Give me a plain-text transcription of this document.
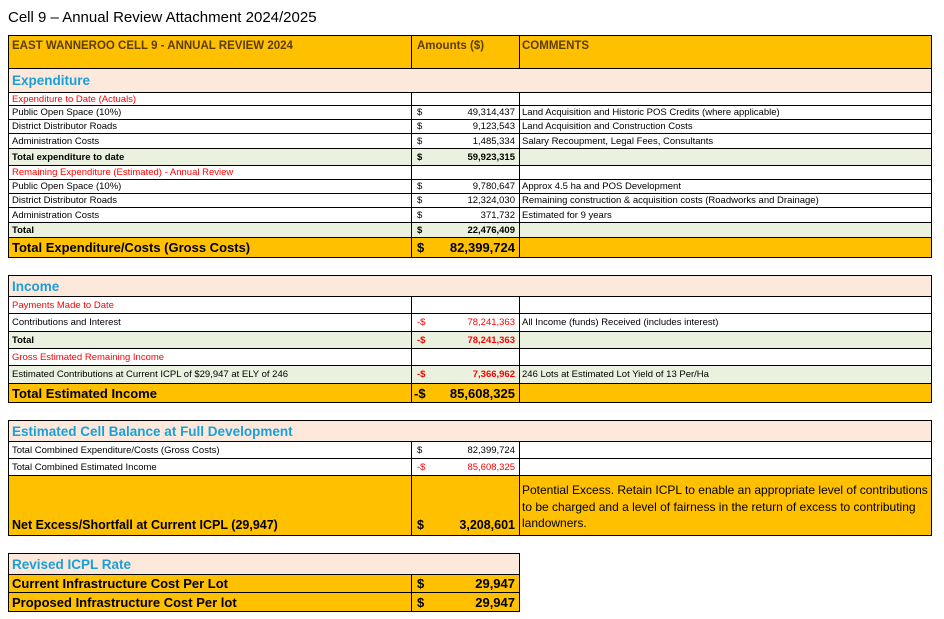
Cell 9 – Annual Review Attachment 2024/2025
EAST WANNEROO CELL 9 - ANNUAL REVIEW 2024	Amounts ($)	COMMENTS
Expenditure
Expenditure to Date (Actuals)
Public Open Space (10%)	$	49,314,437 Land Acquisition and Historic POS Credits (where applicable)
District Distributor Roads	$	9,123,543 Land Acquisition and Construction Costs
Administration Costs	$	1,485,334 Salary Recoupment, Legal Fees, Consultants
Total expenditure to date	$	59,923,315
Remaining Expenditure (Estimated) - Annual Review
Public Open Space (10%)	$	9,780,647 Approx 4.5 ha and POS Development
District Distributor Roads	$	12,324,030 Remaining construction & acquisition costs (Roadworks and Drainage)
Administration Costs	$	371,732 Estimated for 9 years
Total	$	22,476,409
Total Expenditure/Costs (Gross Costs)	$ 82,399,724
Income
Payments Made to Date
Contributions and Interest	-$	78,241,363 All Income (funds) Received (includes interest)
Total	-$	78,241,363
Gross Estimated Remaining Income
Estimated Contributions at Current ICPL of $29,947 at ELY of 246	-$	7,366,962 246 Lots at Estimated Lot Yield of 13 Per/Ha
Total Estimated Income	-$ 85,608,325
Estimated Cell Balance at Full Development
Total Combined Expenditure/Costs (Gross Costs)	$	82,399,724
Total Combined Estimated Income	-$	85,608,325
Net Excess/Shortfall at Current ICPL (29,947)	$	3,208,601
Potential Excess. Retain ICPL to enable an appropriate level of contributions to be charged and a level of fairness in the return of excess to contributing landowners.
Revised ICPL Rate
Current Infrastructure Cost Per Lot	$	29,947
Proposed Infrastructure Cost Per lot	$	29,947
